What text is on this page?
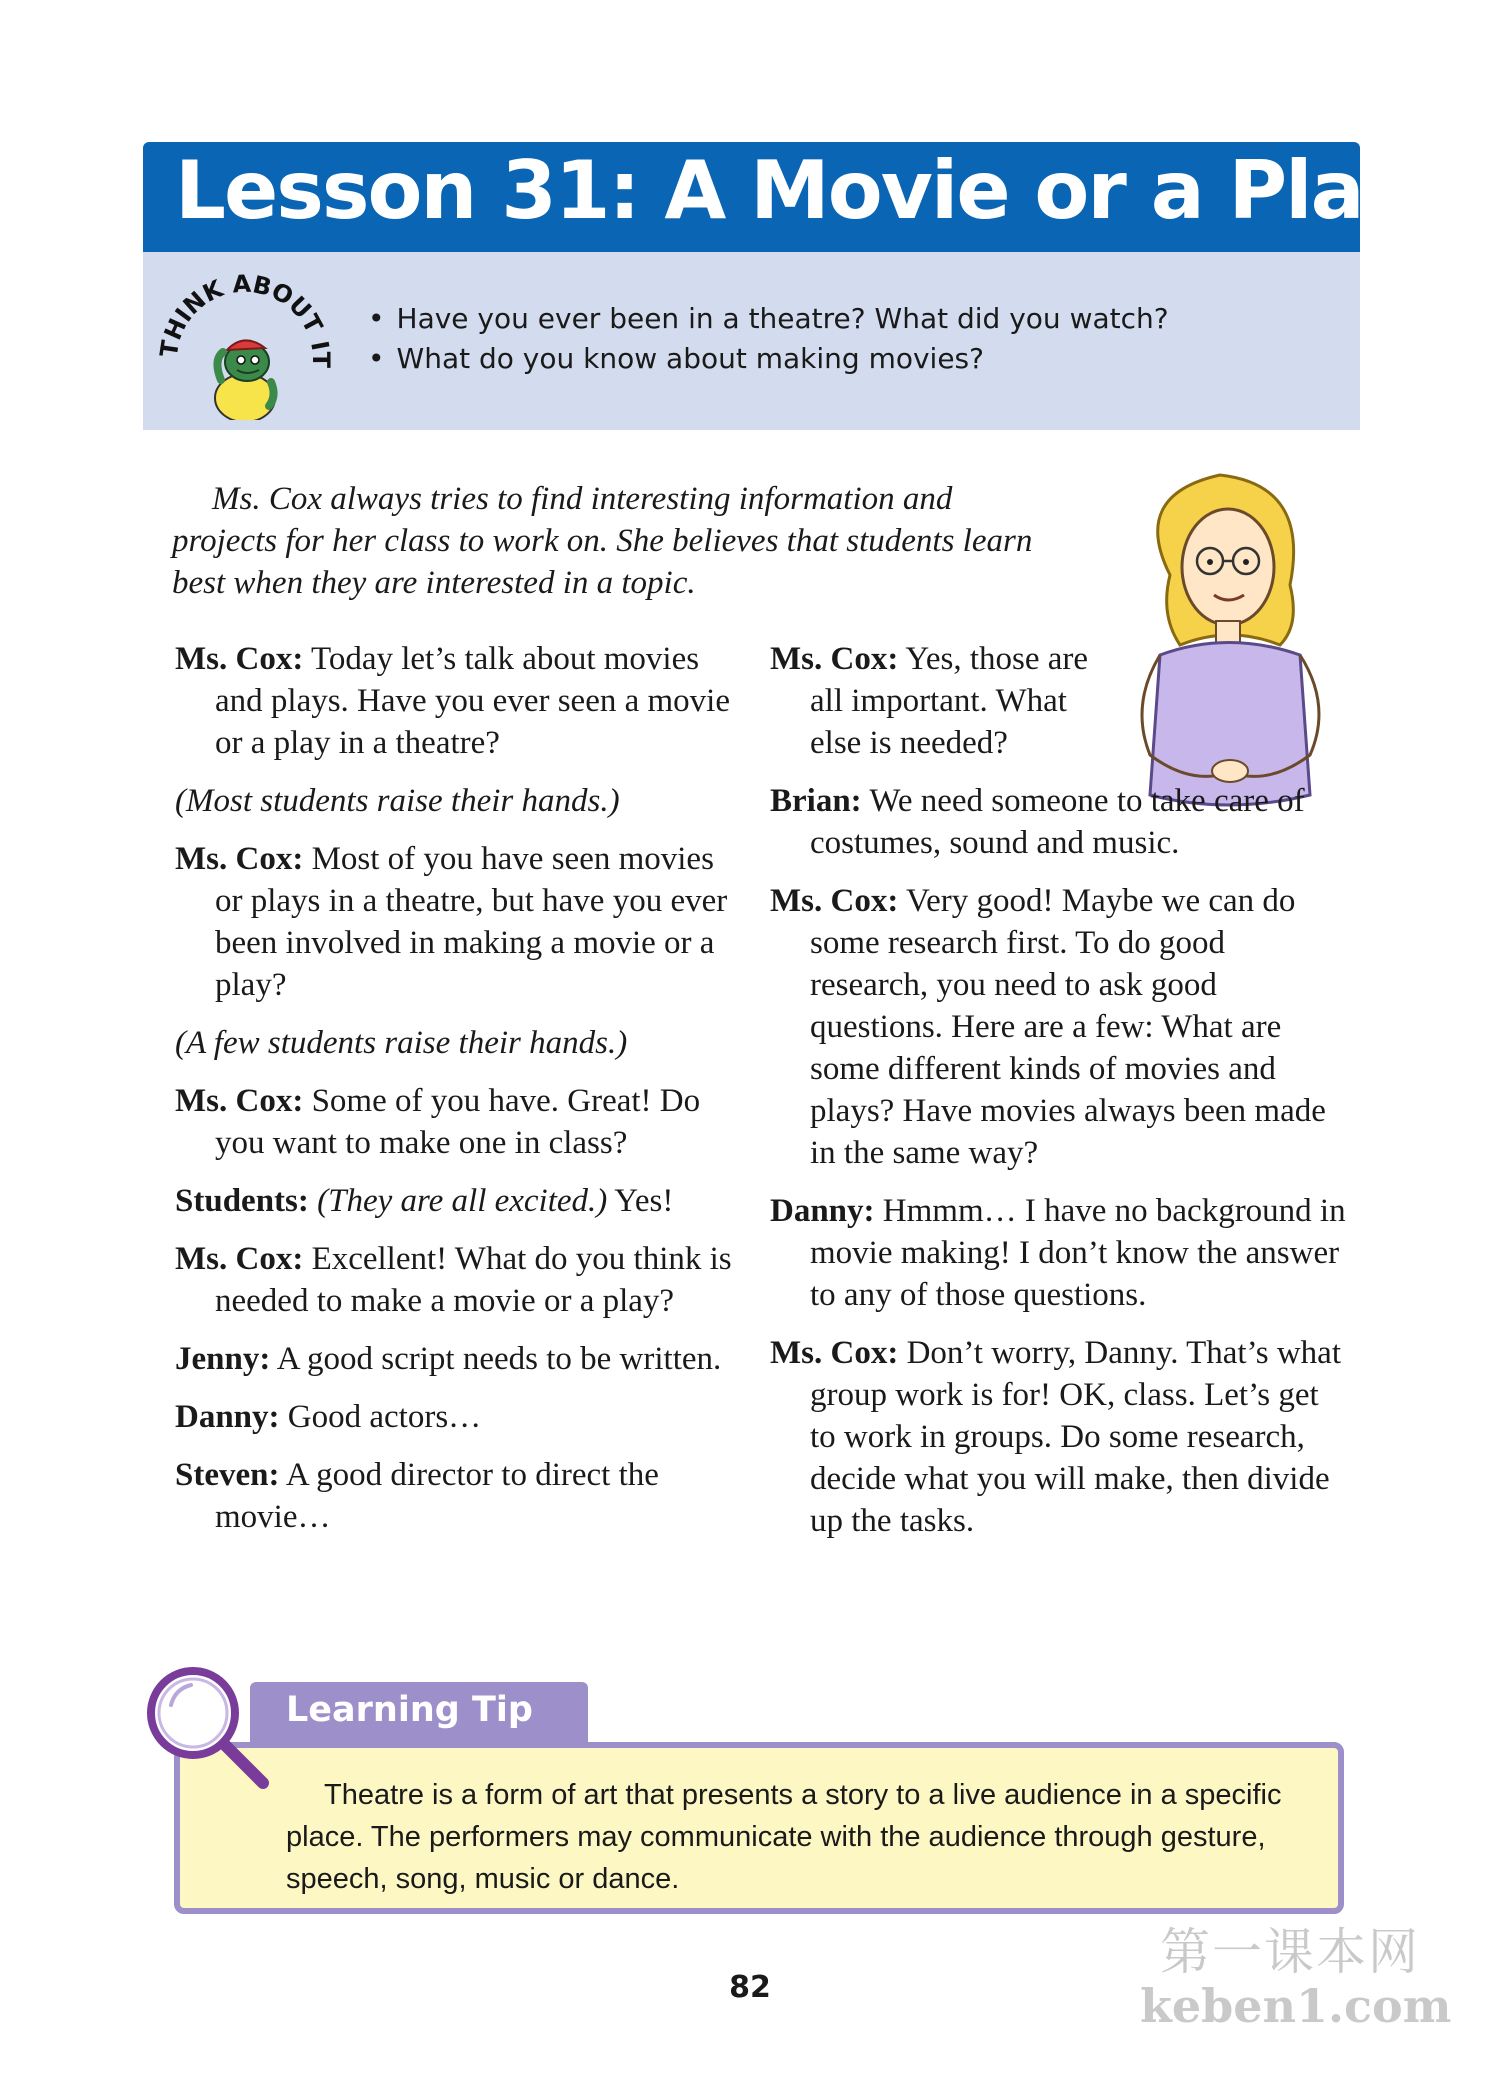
Lesson 31: A Movie or a Play
THINK ABOUT IT
• Have you ever been in a theatre? What did you watch?
• What do you know about making movies?

Ms. Cox always tries to find interesting information and projects for her class to work on. She believes that students learn best when they are interested in a topic.

Ms. Cox: Today let’s talk about movies and plays. Have you ever seen a movie or a play in a theatre?

(Most students raise their hands.)

Ms. Cox: Most of you have seen movies or plays in a theatre, but have you ever been involved in making a movie or a play?

(A few students raise their hands.)

Ms. Cox: Some of you have. Great! Do you want to make one in class?

Students: (They are all excited.) Yes!

Ms. Cox: Excellent! What do you think is needed to make a movie or a play?

Jenny: A good script needs to be written.

Danny: Good actors…

Steven: A good director to direct the movie…

Ms. Cox: Yes, those are all important. What else is needed?

Brian: We need someone to take care of costumes, sound and music.

Ms. Cox: Very good! Maybe we can do some research first. To do good research, you need to ask good questions. Here are a few: What are some different kinds of movies and plays? Have movies always been made in the same way?

Danny: Hmmm… I have no background in movie making! I don’t know the answer to any of those questions.

Ms. Cox: Don’t worry, Danny. That’s what group work is for! OK, class. Let’s get to work in groups. Do some research, decide what you will make, then divide up the tasks.

Learning Tip

Theatre is a form of art that presents a story to a live audience in a specific place. The performers may communicate with the audience through gesture, speech, song, music or dance.

82
第一课本网
keben1.com
